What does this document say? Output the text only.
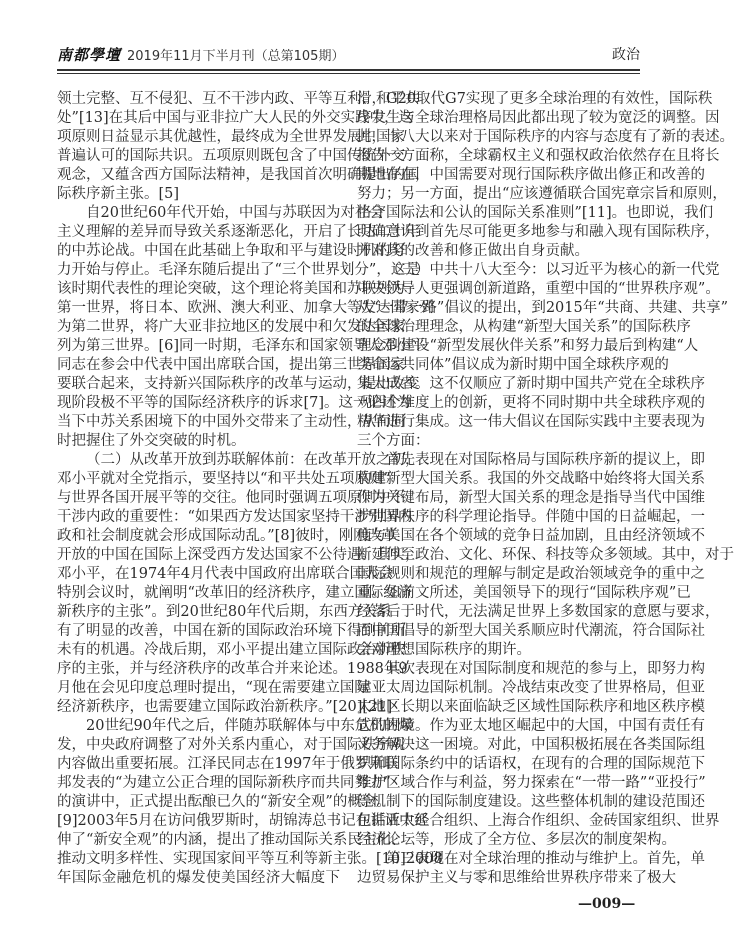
南都學壇 2019年11月下半月刊（总第105期）	政治
领土完整、互不侵犯、互不干涉内政、平等互利、和平共
处”[13]在其后中国与亚非拉广大人民的外交实践中，这
项原则日益显示其优越性，最终成为全世界发展中国家
普遍认可的国际共识。五项原则既包含了中国传统外交
观念，又蕴含西方国际法精神，是我国首次明确提出的国
际秩序新主张。[5]
自20世纪60年代开始，中国与苏联因为对社会
主义理解的差异而导致关系逐渐恶化，开启了长达二十年
的中苏论战。中国在此基础上争取和平与建设时机的努
力开始与停止。毛泽东随后提出了“三个世界划分”，这是
该时期代表性的理论突破，这个理论将美国和苏联列为
第一世界，将日本、欧洲、澳大利亚、加拿大等发达国家列
为第二世界，将广大亚非拉地区的发展中和欠发达国家
列为第三世界。[6]同一时期，毛泽东和国家领导人邓小平
同志在参会中代表中国出席联合国，提出第三世界国家
要联合起来，支持新兴国际秩序的改革与运动，提出改变
现阶段极不平等的国际经济秩序的诉求[7]。这一论述为
当下中苏关系困境下的中国外交带来了主动性，从而同
时把握住了外交突破的时机。
（二）从改革开放到苏联解体前：在改革开放之初，
邓小平就对全党指示，要坚持以“和平共处五项原则”
与世界各国开展平等的交往。他同时强调五项原则中不
干涉内政的重要性：“如果西方发达国家坚持干涉别国内
政和社会制度就会形成国际动乱。”[8]彼时，刚刚改革
开放的中国在国际上深受西方发达国家不公待遇。其实，
邓小平，在1974年4月代表中国政府出席联合国大会
特别会议时，就阐明“改革旧的经济秩序，建立国际经济
新秩序的主张”。到20世纪80年代后期，东西方关系
有了明显的改善，中国在新的国际政治环境下得到前所
未有的机遇。冷战后期，邓小平提出建立国际政治新秩
序的主张，并与经济秩序的改革合并来论述。1988年9
月他在会见印度总理时提出，“现在需要建立国际
经济新秩序，也需要建立国际政治新秩序。”[20][21]
20世纪90年代之后，伴随苏联解体与中东危机的爆
发，中央政府调整了对外关系内重心，对于国际秩序观
内容做出重要拓展。江泽民同志在1997年于俄罗斯联
邦发表的“为建立公正合理的国际新秩序而共同努力”
的演讲中，正式提出酝酿已久的“新安全观”的概念。
[9]2003年5月在访问俄罗斯时，胡锦涛总书记在讲话中延
伸了“新安全观”的内涵，提出了推动国际关系民主化、
推动文明多样性、实现国家间平等互利等新主张。[10]2008
年国际金融危机的爆发使美国经济大幅度下
滑，G20取代G7实现了更多全球治理的有效性，国际秩
序发生与全球治理格局因此都出现了较为宽泛的调整。因
此，十八大以来对于国际秩序的内容与态度有了新的表述。
报告一方面称，全球霸权主义和强权政治依然存在且将长
期地存在，中国需要对现行国际秩序做出修正和改善的
努力；另一方面，提出“应该遵循联合国宪章宗旨和原则，
恪守国际法和公认的国际关系准则”[11]。也即说，我们
明确意识到首先尽可能更多地参与和融入现有国际秩序，
并对其的改善和修正做出自身贡献。
（三）中共十八大至今：以习近平为核心的新一代党
中央领导人更强调创新道路，重塑中国的“世界秩序观”。
从“一带一路”倡议的提出，到2015年“共商、共建、共享”
的全球治理理念，从构建“新型大国关系”的国际秩序
理念到建设“新型发展伙伴关系”和努力最后到构建“人
类命运共同体”倡议成为新时期中国全球秩序观的
集大成者。这不仅顺应了新时期中国共产党在全球秩序
观四个维度上的创新，更将不同时期中共全球秩序观的
精华进行集成。这一伟大倡议在国际实践中主要表现为
三个方面：
首先表现在对国际格局与国际秩序新的提议上，即
构建新型大国关系。我国的外交战略中始终将大国关系
作为关键布局，新型大国关系的理念是指导当代中国维
护世界秩序的科学理论指导。伴随中国的日益崛起，一
度与美国在各个领域的竞争日益加剧，且由经济领域不
断延伸至政治、文化、环保、科技等众多领域。其中，对于
国际规则和规范的理解与制定是政治领域竞争的重中之
重。如前文所述，美国领导下的现行“国际秩序观”已
经落后于时代，无法满足世界上多数国家的意愿与要求，
而中国倡导的新型大国关系顺应时代潮流，符合国际社
会对理想国际秩序的期许。
其次表现在对国际制度和规范的参与上，即努力构
建亚太周边国际机制。冷战结束改变了世界格局，但亚
太地区长期以来面临缺乏区域性国际秩序和地区秩序模
式的困境。作为亚太地区崛起中的大国，中国有责任有
义务解决这一困境。对此，中国积极拓展在各类国际组
织和国际条约中的话语权，在现有的合理的国际规范下
维护区域合作与利益，努力探索在“一带一路”“亚投行”
等机制下的国际制度建设。这些整体机制的建设范围还
包括亚太经合组织、上海合作组织、金砖国家组织、世界
经济论坛等，形成了全方位、多层次的制度架构。
第三表现在对全球治理的推动与维护上。首先，单
边贸易保护主义与零和思维给世界秩序带来了极大
—009—
